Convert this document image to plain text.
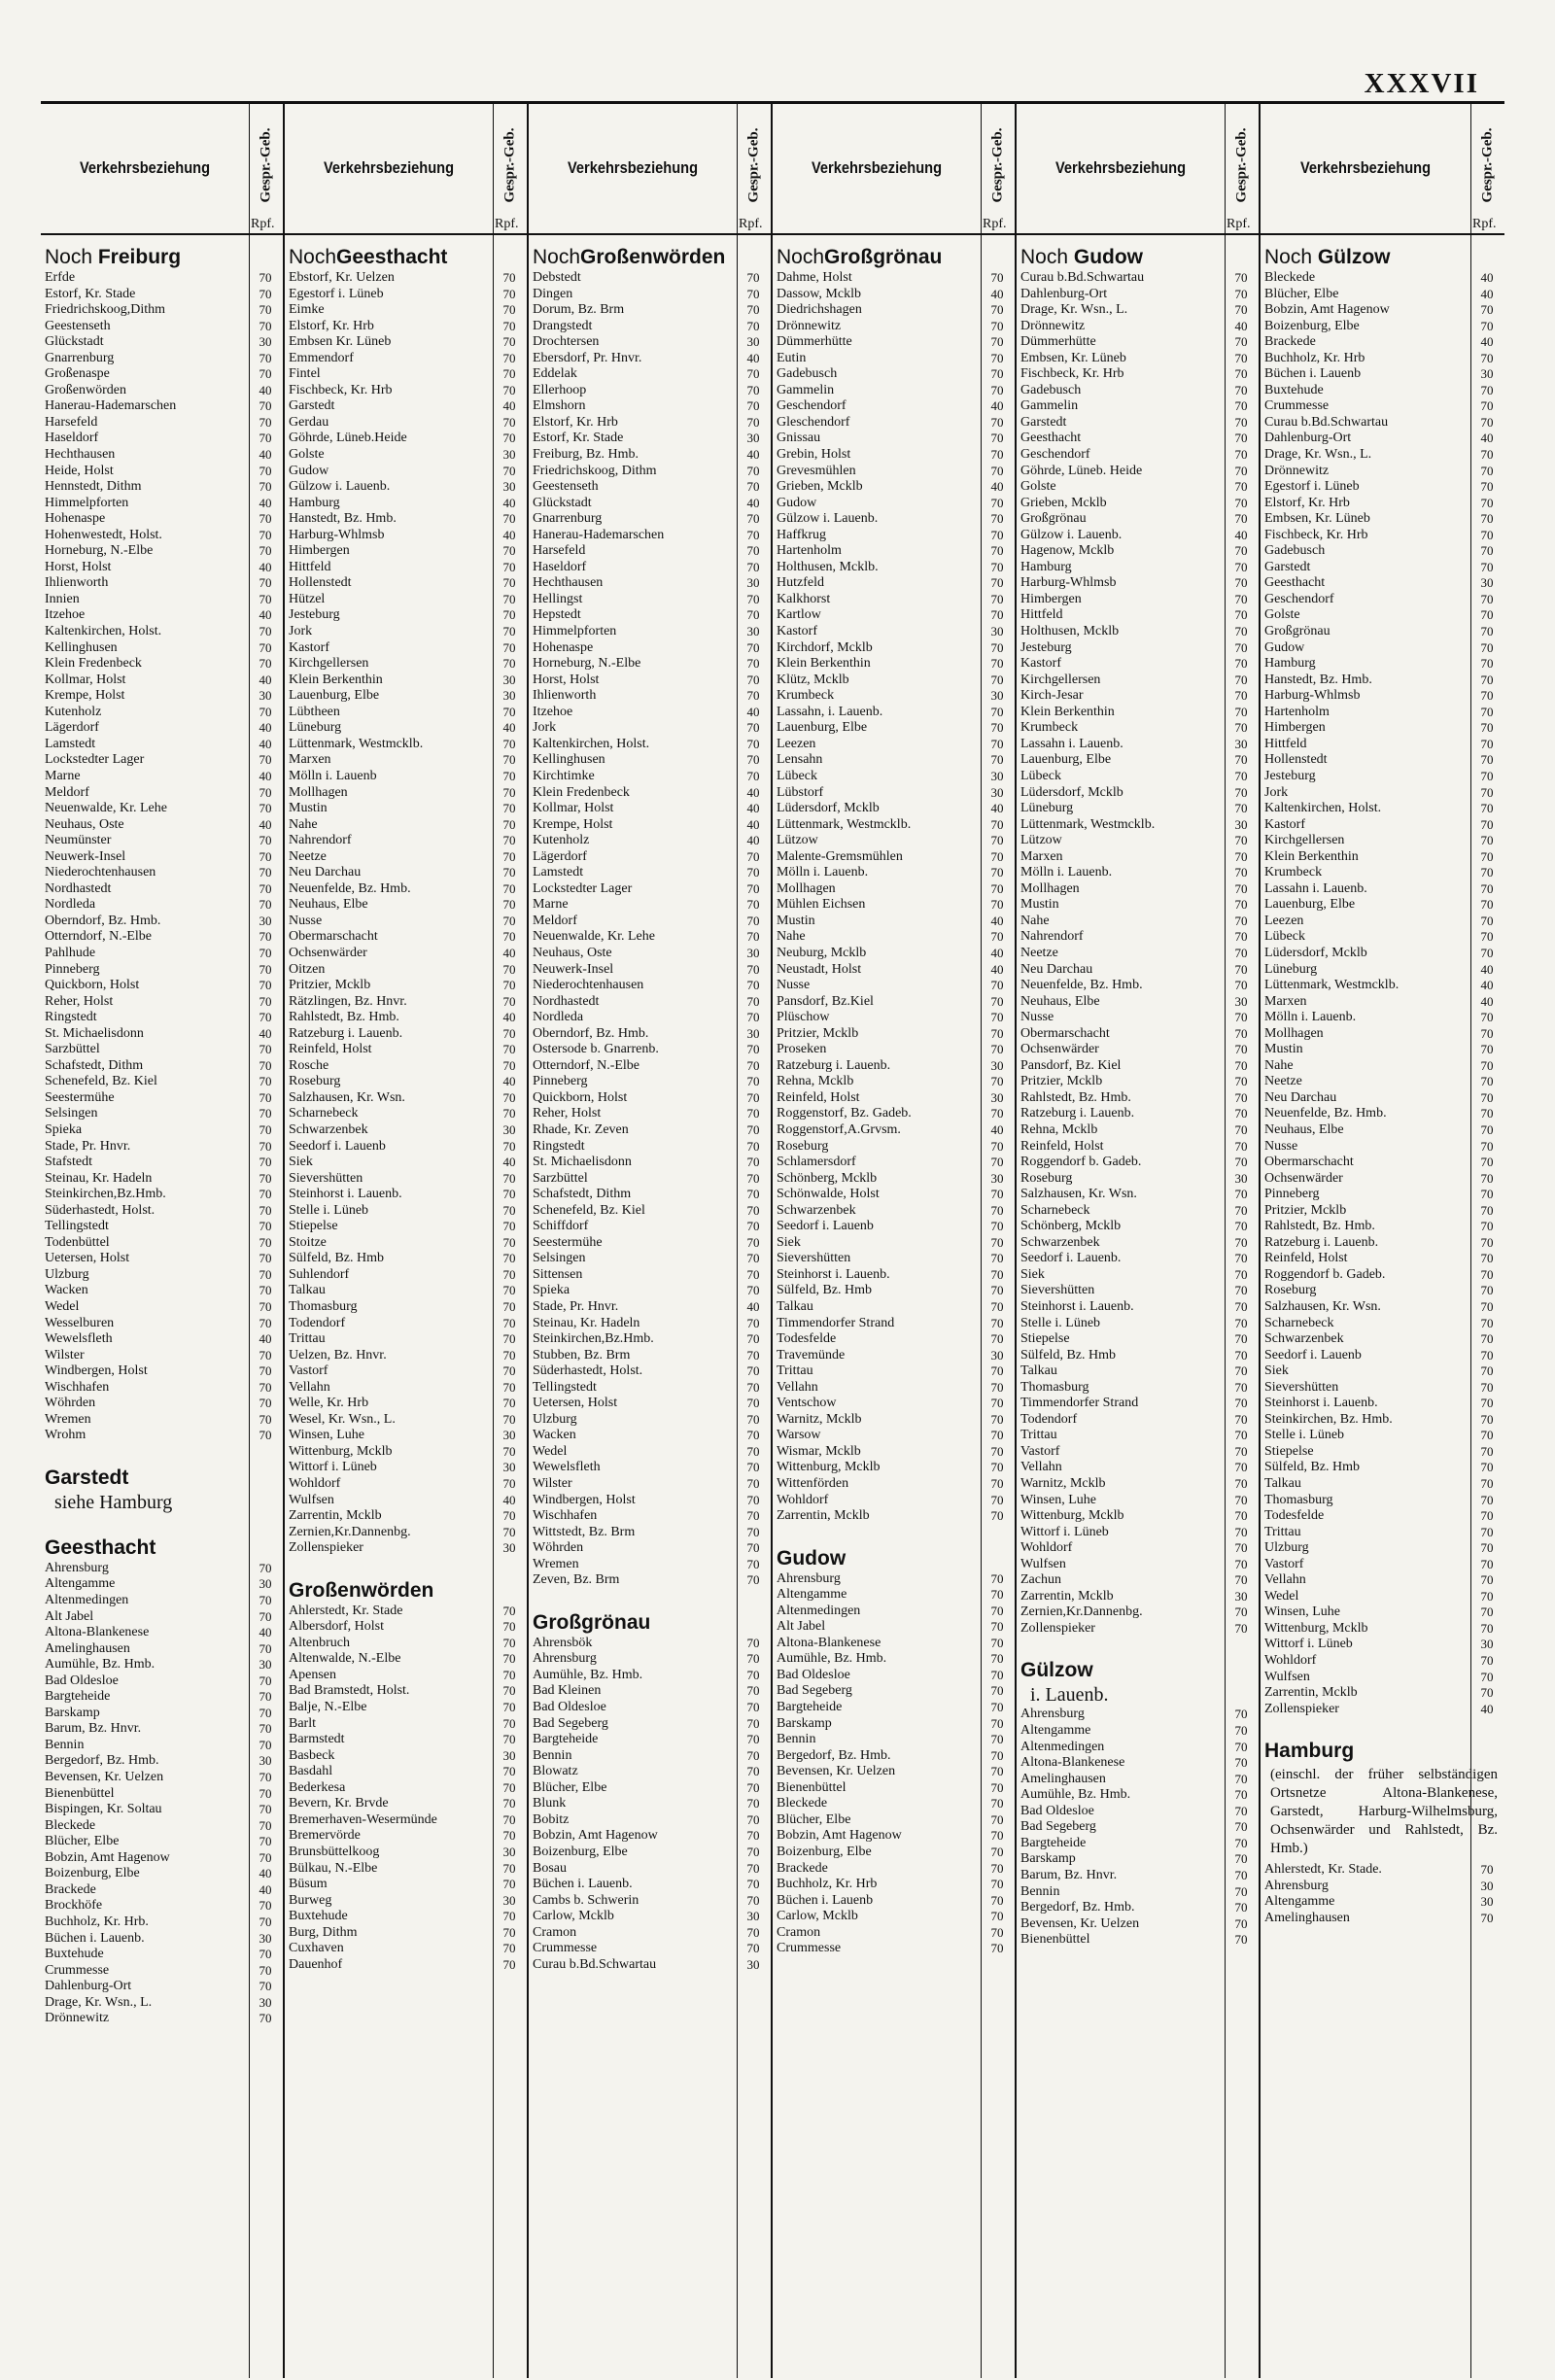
XXXVII
Verkehrsbeziehung	Gespr.-Geb.
Rpf.
Noch Freiburg
Erfde	70
Estorf, Kr. Stade	70
Friedrichskoog,Dithm	70
Geestenseth	70
Glückstadt	30
Gnarrenburg	70
Großenaspe	70
Großenwörden	40
Hanerau-Hademarschen	70
Harsefeld	70
Haseldorf	70
Hechthausen	40
Heide, Holst	70
Hennstedt, Dithm	70
Himmelpforten	40
Hohenaspe	70
Hohenwestedt, Holst.	70
Horneburg, N.-Elbe	70
Horst, Holst	40
Ihlienworth	70
Innien	70
Itzehoe	40
Kaltenkirchen, Holst.	70
Kellinghusen	70
Klein Fredenbeck	70
Kollmar, Holst	40
Krempe, Holst	30
Kutenholz	70
Lägerdorf	40
Lamstedt	40
Lockstedter Lager	70
Marne	40
Meldorf	70
Neuenwalde, Kr. Lehe	70
Neuhaus, Oste	40
Neumünster	70
Neuwerk-Insel	70
Niederochtenhausen	70
Nordhastedt	70
Nordleda	70
Oberndorf, Bz. Hmb.	30
Otterndorf, N.-Elbe	70
Pahlhude	70
Pinneberg	70
Quickborn, Holst	70
Reher, Holst	70
Ringstedt	70
St. Michaelisdonn	40
Sarzbüttel	70
Schafstedt, Dithm	70
Schenefeld, Bz. Kiel	70
Seestermühe	70
Selsingen	70
Spieka	70
Stade, Pr. Hnvr.	70
Stafstedt	70
Steinau, Kr. Hadeln	70
Steinkirchen,Bz.Hmb.	70
Süderhastedt, Holst.	70
Tellingstedt	70
Todenbüttel	70
Uetersen, Holst	70
Ulzburg	70
Wacken	70
Wedel	70
Wesselburen	70
Wewelsfleth	40
Wilster	70
Windbergen, Holst	70
Wischhafen	70
Wöhrden	70
Wremen	70
Wrohm	70
Garstedt
siehe Hamburg
Geesthacht
Ahrensburg	70
Altengamme	30
Altenmedingen	70
Alt Jabel	70
Altona-Blankenese	40
Amelinghausen	70
Aumühle, Bz. Hmb.	30
Bad Oldesloe	70
Bargteheide	70
Barskamp	70
Barum, Bz. Hnvr.	70
Bennin	70
Bergedorf, Bz. Hmb.	30
Bevensen, Kr. Uelzen	70
Bienenbüttel	70
Bispingen, Kr. Soltau	70
Bleckede	70
Blücher, Elbe	70
Bobzin, Amt Hagenow	70
Boizenburg, Elbe	40
Brackede	40
Brockhöfe	70
Buchholz, Kr. Hrb.	70
Büchen i. Lauenb.	30
Buxtehude	70
Crummesse	70
Dahlenburg-Ort	70
Drage, Kr. Wsn., L.	30
Drönnewitz	70
Verkehrsbeziehung	Gespr.-Geb.
Rpf.
NochGeesthacht
Ebstorf, Kr. Uelzen	70
Egestorf i. Lüneb	70
Eimke	70
Elstorf, Kr. Hrb	70
Embsen Kr. Lüneb	70
Emmendorf	70
Fintel	70
Fischbeck, Kr. Hrb	70
Garstedt	40
Gerdau	70
Göhrde, Lüneb.Heide	70
Golste	30
Gudow	70
Gülzow i. Lauenb.	30
Hamburg	40
Hanstedt, Bz. Hmb.	70
Harburg-Whlmsb	40
Himbergen	70
Hittfeld	70
Hollenstedt	70
Hützel	70
Jesteburg	70
Jork	70
Kastorf	70
Kirchgellersen	70
Klein Berkenthin	30
Lauenburg, Elbe	30
Lübtheen	70
Lüneburg	40
Lüttenmark, Westmcklb.	70
Marxen	70
Mölln i. Lauenb	70
Mollhagen	70
Mustin	70
Nahe	70
Nahrendorf	70
Neetze	70
Neu Darchau	70
Neuenfelde, Bz. Hmb.	70
Neuhaus, Elbe	70
Nusse	70
Obermarschacht	70
Ochsenwärder	40
Oitzen	70
Pritzier, Mcklb	70
Rätzlingen, Bz. Hnvr.	70
Rahlstedt, Bz. Hmb.	40
Ratzeburg i. Lauenb.	70
Reinfeld, Holst	70
Rosche	70
Roseburg	40
Salzhausen, Kr. Wsn.	70
Scharnebeck	70
Schwarzenbek	30
Seedorf i. Lauenb	70
Siek	40
Sievershütten	70
Steinhorst i. Lauenb.	70
Stelle i. Lüneb	70
Stiepelse	70
Stoitze	70
Sülfeld, Bz. Hmb	70
Suhlendorf	70
Talkau	70
Thomasburg	70
Todendorf	70
Trittau	70
Uelzen, Bz. Hnvr.	70
Vastorf	70
Vellahn	70
Welle, Kr. Hrb	70
Wesel, Kr. Wsn., L.	70
Winsen, Luhe	30
Wittenburg, Mcklb	70
Wittorf i. Lüneb	30
Wohldorf	70
Wulfsen	40
Zarrentin, Mcklb	70
Zernien,Kr.Dannenbg.	70
Zollenspieker	30
Großenwörden
Ahlerstedt, Kr. Stade	70
Albersdorf, Holst	70
Altenbruch	70
Altenwalde, N.-Elbe	70
Apensen	70
Bad Bramstedt, Holst.	70
Balje, N.-Elbe	70
Barlt	70
Barmstedt	70
Basbeck	30
Basdahl	70
Bederkesa	70
Bevern, Kr. Brvde	70
Bremerhaven-Wesermünde	70
Bremervörde	70
Brunsbüttelkoog	30
Bülkau, N.-Elbe	70
Büsum	70
Burweg	30
Buxtehude	70
Burg, Dithm	70
Cuxhaven	70
Dauenhof	70
Verkehrsbeziehung	Gespr.-Geb.
Rpf.
NochGroßenwörden
Debstedt	70
Dingen	70
Dorum, Bz. Brm	70
Drangstedt	70
Drochtersen	30
Ebersdorf, Pr. Hnvr.	40
Eddelak	70
Ellerhoop	70
Elmshorn	70
Elstorf, Kr. Hrb	70
Estorf, Kr. Stade	30
Freiburg, Bz. Hmb.	40
Friedrichskoog, Dithm	70
Geestenseth	70
Glückstadt	40
Gnarrenburg	70
Hanerau-Hademarschen	70
Harsefeld	70
Haseldorf	70
Hechthausen	30
Hellingst	70
Hepstedt	70
Himmelpforten	30
Hohenaspe	70
Horneburg, N.-Elbe	70
Horst, Holst	70
Ihlienworth	70
Itzehoe	40
Jork	70
Kaltenkirchen, Holst.	70
Kellinghusen	70
Kirchtimke	70
Klein Fredenbeck	40
Kollmar, Holst	40
Krempe, Holst	40
Kutenholz	40
Lägerdorf	70
Lamstedt	70
Lockstedter Lager	70
Marne	70
Meldorf	70
Neuenwalde, Kr. Lehe	70
Neuhaus, Oste	30
Neuwerk-Insel	70
Niederochtenhausen	70
Nordhastedt	70
Nordleda	70
Oberndorf, Bz. Hmb.	30
Ostersode b. Gnarrenb.	70
Otterndorf, N.-Elbe	70
Pinneberg	70
Quickborn, Holst	70
Reher, Holst	70
Rhade, Kr. Zeven	70
Ringstedt	70
St. Michaelisdonn	70
Sarzbüttel	70
Schafstedt, Dithm	70
Schenefeld, Bz. Kiel	70
Schiffdorf	70
Seestermühe	70
Selsingen	70
Sittensen	70
Spieka	70
Stade, Pr. Hnvr.	40
Steinau, Kr. Hadeln	70
Steinkirchen,Bz.Hmb.	70
Stubben, Bz. Brm	70
Süderhastedt, Holst.	70
Tellingstedt	70
Uetersen, Holst	70
Ulzburg	70
Wacken	70
Wedel	70
Wewelsfleth	70
Wilster	70
Windbergen, Holst	70
Wischhafen	70
Wittstedt, Bz. Brm	70
Wöhrden	70
Wremen	70
Zeven, Bz. Brm	70
Großgrönau
Ahrensbök	70
Ahrensburg	70
Aumühle, Bz. Hmb.	70
Bad Kleinen	70
Bad Oldesloe	70
Bad Segeberg	70
Bargteheide	70
Bennin	70
Blowatz	70
Blücher, Elbe	70
Blunk	70
Bobitz	70
Bobzin, Amt Hagenow	70
Boizenburg, Elbe	70
Bosau	70
Büchen i. Lauenb.	70
Cambs b. Schwerin	70
Carlow, Mcklb	30
Cramon	70
Crummesse	70
Curau b.Bd.Schwartau	30
Verkehrsbeziehung	Gespr.-Geb.
Rpf.
NochGroßgrönau
Dahme, Holst	70
Dassow, Mcklb	40
Diedrichshagen	70
Drönnewitz	70
Dümmerhütte	70
Eutin	70
Gadebusch	70
Gammelin	70
Geschendorf	40
Gleschendorf	70
Gnissau	70
Grebin, Holst	70
Grevesmühlen	70
Grieben, Mcklb	40
Gudow	70
Gülzow i. Lauenb.	70
Haffkrug	70
Hartenholm	70
Holthusen, Mcklb.	70
Hutzfeld	70
Kalkhorst	70
Kartlow	70
Kastorf	30
Kirchdorf, Mcklb	70
Klein Berkenthin	70
Klütz, Mcklb	70
Krumbeck	30
Lassahn, i. Lauenb.	70
Lauenburg, Elbe	70
Leezen	70
Lensahn	70
Lübeck	30
Lübstorf	30
Lüdersdorf, Mcklb	40
Lüttenmark, Westmcklb.	70
Lützow	70
Malente-Gremsmühlen	70
Mölln i. Lauenb.	70
Mollhagen	70
Mühlen Eichsen	70
Mustin	40
Nahe	70
Neuburg, Mcklb	40
Neustadt, Holst	40
Nusse	70
Pansdorf, Bz.Kiel	70
Plüschow	70
Pritzier, Mcklb	70
Proseken	70
Ratzeburg i. Lauenb.	30
Rehna, Mcklb	70
Reinfeld, Holst	30
Roggenstorf, Bz. Gadeb.	70
Roggenstorf,A.Grvsm.	40
Roseburg	70
Schlamersdorf	70
Schönberg, Mcklb	30
Schönwalde, Holst	70
Schwarzenbek	70
Seedorf i. Lauenb	70
Siek	70
Sievershütten	70
Steinhorst i. Lauenb.	70
Sülfeld, Bz. Hmb	70
Talkau	70
Timmendorfer Strand	70
Todesfelde	70
Travemünde	30
Trittau	70
Vellahn	70
Ventschow	70
Warnitz, Mcklb	70
Warsow	70
Wismar, Mcklb	70
Wittenburg, Mcklb	70
Wittenförden	70
Wohldorf	70
Zarrentin, Mcklb	70
Gudow
Ahrensburg	70
Altengamme	70
Altenmedingen	70
Alt Jabel	70
Altona-Blankenese	70
Aumühle, Bz. Hmb.	70
Bad Oldesloe	70
Bad Segeberg	70
Bargteheide	70
Barskamp	70
Bennin	70
Bergedorf, Bz. Hmb.	70
Bevensen, Kr. Uelzen	70
Bienenbüttel	70
Bleckede	70
Blücher, Elbe	70
Bobzin, Amt Hagenow	70
Boizenburg, Elbe	70
Brackede	70
Buchholz, Kr. Hrb	70
Büchen i. Lauenb	70
Carlow, Mcklb	70
Cramon	70
Crummesse	70
Verkehrsbeziehung	Gespr.-Geb.
Rpf.
Noch Gudow
Curau b.Bd.Schwartau	70
Dahlenburg-Ort	70
Drage, Kr. Wsn., L.	70
Drönnewitz	40
Dümmerhütte	70
Embsen, Kr. Lüneb	70
Fischbeck, Kr. Hrb	70
Gadebusch	70
Gammelin	70
Garstedt	70
Geesthacht	70
Geschendorf	70
Göhrde, Lüneb. Heide	70
Golste	70
Grieben, Mcklb	70
Großgrönau	70
Gülzow i. Lauenb.	40
Hagenow, Mcklb	70
Hamburg	70
Harburg-Whlmsb	70
Himbergen	70
Hittfeld	70
Holthusen, Mcklb	70
Jesteburg	70
Kastorf	70
Kirchgellersen	70
Kirch-Jesar	70
Klein Berkenthin	70
Krumbeck	70
Lassahn i. Lauenb.	30
Lauenburg, Elbe	70
Lübeck	70
Lüdersdorf, Mcklb	70
Lüneburg	70
Lüttenmark, Westmcklb.	30
Lützow	70
Marxen	70
Mölln i. Lauenb.	70
Mollhagen	70
Mustin	70
Nahe	70
Nahrendorf	70
Neetze	70
Neu Darchau	70
Neuenfelde, Bz. Hmb.	70
Neuhaus, Elbe	30
Nusse	70
Obermarschacht	70
Ochsenwärder	70
Pansdorf, Bz. Kiel	70
Pritzier, Mcklb	70
Rahlstedt, Bz. Hmb.	70
Ratzeburg i. Lauenb.	70
Rehna, Mcklb	70
Reinfeld, Holst	70
Roggendorf b. Gadeb.	70
Roseburg	30
Salzhausen, Kr. Wsn.	70
Scharnebeck	70
Schönberg, Mcklb	70
Schwarzenbek	70
Seedorf i. Lauenb.	70
Siek	70
Sievershütten	70
Steinhorst i. Lauenb.	70
Stelle i. Lüneb	70
Stiepelse	70
Sülfeld, Bz. Hmb	70
Talkau	70
Thomasburg	70
Timmendorfer Strand	70
Todendorf	70
Trittau	70
Vastorf	70
Vellahn	70
Warnitz, Mcklb	70
Winsen, Luhe	70
Wittenburg, Mcklb	70
Wittorf i. Lüneb	70
Wohldorf	70
Wulfsen	70
Zachun	70
Zarrentin, Mcklb	30
Zernien,Kr.Dannenbg.	70
Zollenspieker	70
Gülzow
i. Lauenb.
Ahrensburg	70
Altengamme	70
Altenmedingen	70
Altona-Blankenese	70
Amelinghausen	70
Aumühle, Bz. Hmb.	70
Bad Oldesloe	70
Bad Segeberg	70
Bargteheide	70
Barskamp	70
Barum, Bz. Hnvr.	70
Bennin	70
Bergedorf, Bz. Hmb.	70
Bevensen, Kr. Uelzen	70
Bienenbüttel	70
Verkehrsbeziehung	Gespr.-Geb.
Rpf.
Noch Gülzow
Bleckede	40
Blücher, Elbe	40
Bobzin, Amt Hagenow	70
Boizenburg, Elbe	70
Brackede	40
Buchholz, Kr. Hrb	70
Büchen i. Lauenb	30
Buxtehude	70
Crummesse	70
Curau b.Bd.Schwartau	70
Dahlenburg-Ort	40
Drage, Kr. Wsn., L.	70
Drönnewitz	70
Egestorf i. Lüneb	70
Elstorf, Kr. Hrb	70
Embsen, Kr. Lüneb	70
Fischbeck, Kr. Hrb	70
Gadebusch	70
Garstedt	70
Geesthacht	30
Geschendorf	70
Golste	70
Großgrönau	70
Gudow	70
Hamburg	70
Hanstedt, Bz. Hmb.	70
Harburg-Whlmsb	70
Hartenholm	70
Himbergen	70
Hittfeld	70
Hollenstedt	70
Jesteburg	70
Jork	70
Kaltenkirchen, Holst.	70
Kastorf	70
Kirchgellersen	70
Klein Berkenthin	70
Krumbeck	70
Lassahn i. Lauenb.	70
Lauenburg, Elbe	70
Leezen	70
Lübeck	70
Lüdersdorf, Mcklb	70
Lüneburg	40
Lüttenmark, Westmcklb.	40
Marxen	40
Mölln i. Lauenb.	70
Mollhagen	70
Mustin	70
Nahe	70
Neetze	70
Neu Darchau	70
Neuenfelde, Bz. Hmb.	70
Neuhaus, Elbe	70
Nusse	70
Obermarschacht	70
Ochsenwärder	70
Pinneberg	70
Pritzier, Mcklb	70
Rahlstedt, Bz. Hmb.	70
Ratzeburg i. Lauenb.	70
Reinfeld, Holst	70
Roggendorf b. Gadeb.	70
Roseburg	70
Salzhausen, Kr. Wsn.	70
Scharnebeck	70
Schwarzenbek	70
Seedorf i. Lauenb	70
Siek	70
Sievershütten	70
Steinhorst i. Lauenb.	70
Steinkirchen, Bz. Hmb.	70
Stelle i. Lüneb	70
Stiepelse	70
Sülfeld, Bz. Hmb	70
Talkau	70
Thomasburg	70
Todesfelde	70
Trittau	70
Ulzburg	70
Vastorf	70
Vellahn	70
Wedel	70
Winsen, Luhe	70
Wittenburg, Mcklb	70
Wittorf i. Lüneb	30
Wohldorf	70
Wulfsen	70
Zarrentin, Mcklb	70
Zollenspieker	40
Hamburg
(einschl. der früher selbständigen Ortsnetze Altona-Blankenese, Garstedt, Harburg-Wilhelmsburg, Ochsenwärder und Rahlstedt, Bz. Hmb.)
Ahlerstedt, Kr. Stade.	70
Ahrensburg	30
Altengamme	30
Amelinghausen	70
